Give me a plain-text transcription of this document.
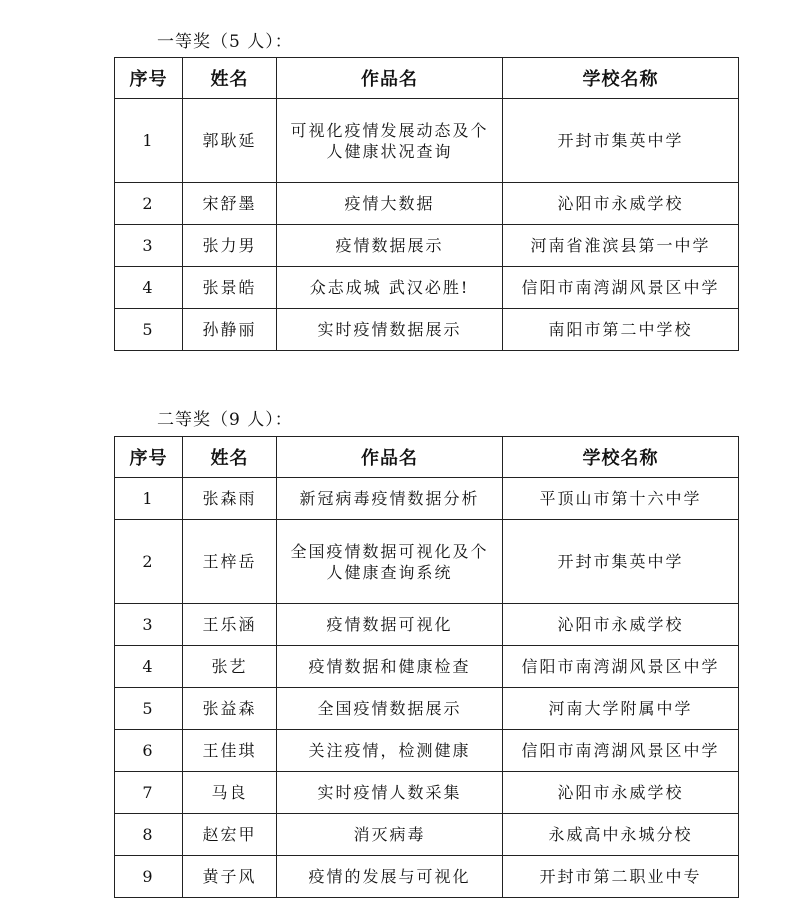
一等奖（5 人）：
序号	姓名	作品名	学校名称
1	郭耿延	可视化疫情发展动态及个人健康状况查询	开封市集英中学
2	宋舒墨	疫情大数据	沁阳市永威学校
3	张力男	疫情数据展示	河南省淮滨县第一中学
4	张景皓	众志成城 武汉必胜!	信阳市南湾湖风景区中学
5	孙静丽	实时疫情数据展示	南阳市第二中学校
二等奖（9 人）：
序号	姓名	作品名	学校名称
1	张森雨	新冠病毒疫情数据分析	平顶山市第十六中学
2	王梓岳	全国疫情数据可视化及个人健康查询系统	开封市集英中学
3	王乐涵	疫情数据可视化	沁阳市永威学校
4	张艺	疫情数据和健康检查	信阳市南湾湖风景区中学
5	张益森	全国疫情数据展示	河南大学附属中学
6	王佳琪	关注疫情，检测健康	信阳市南湾湖风景区中学
7	马良	实时疫情人数采集	沁阳市永威学校
8	赵宏甲	消灭病毒	永威高中永城分校
9	黄子风	疫情的发展与可视化	开封市第二职业中专
